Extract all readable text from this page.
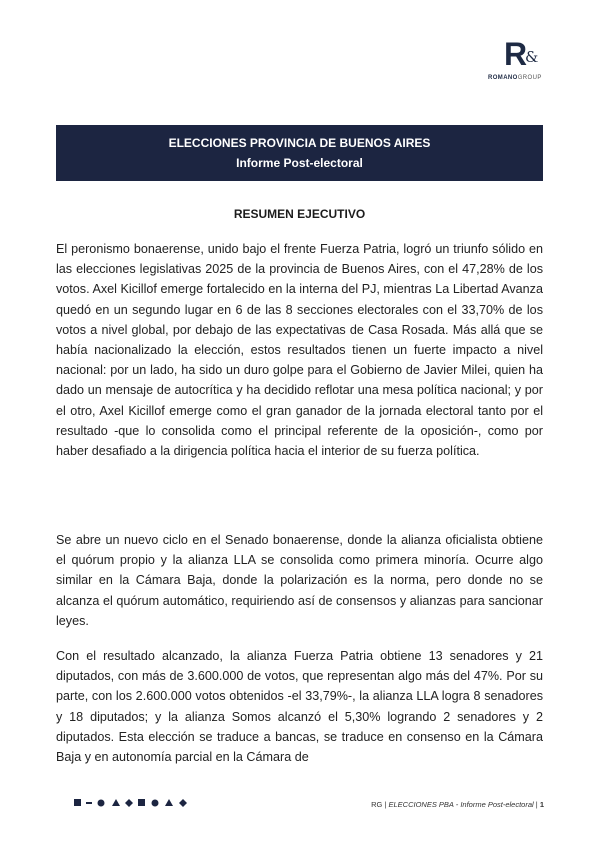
R
&
ROMANOGROUP
ELECCIONES PROVINCIA DE BUENOS AIRES
Informe Post-electoral
RESUMEN EJECUTIVO
El peronismo bonaerense, unido bajo el frente Fuerza Patria, logró un triunfo sólido en las elecciones legislativas 2025 de la provincia de Buenos Aires, con el 47,28% de los votos. Axel Kicillof emerge fortalecido en la interna del PJ, mientras La Libertad Avanza quedó en un segundo lugar en 6 de las 8 secciones electorales con el 33,70% de los votos a nivel global, por debajo de las expectativas de Casa Rosada. Más allá que se había nacionalizado la elección, estos resultados tienen un fuerte impacto a nivel nacional: por un lado, ha sido un duro golpe para el Gobierno de Javier Milei, quien ha dado un mensaje de autocrítica y ha decidido reflotar una mesa política nacional; y por el otro, Axel Kicillof emerge como el gran ganador de la jornada electoral tanto por el resultado -que lo consolida como el principal referente de la oposición-, como por haber desafiado a la dirigencia política hacia el interior de su fuerza política.
Se abre un nuevo ciclo en el Senado bonaerense, donde la alianza oficialista obtiene el quórum propio y la alianza LLA se consolida como primera minoría. Ocurre algo similar en la Cámara Baja, donde la polarización es la norma, pero donde no se alcanza el quórum automático, requiriendo así de consensos y alianzas para sancionar leyes.
Con el resultado alcanzado, la alianza Fuerza Patria obtiene 13 senadores y 21 diputados, con más de 3.600.000 de votos, que representan algo más del 47%. Por su parte, con los 2.600.000 votos obtenidos -el 33,79%-, la alianza LLA logra 8 senadores y 18 diputados; y la alianza Somos alcanzó el 5,30% logrando 2 senadores y 2 diputados. Esta elección se traduce a bancas, se traduce en consenso en la Cámara Baja y en autonomía parcial en la Cámara de
RG | ELECCIONES PBA - Informe Post-electoral | 1
